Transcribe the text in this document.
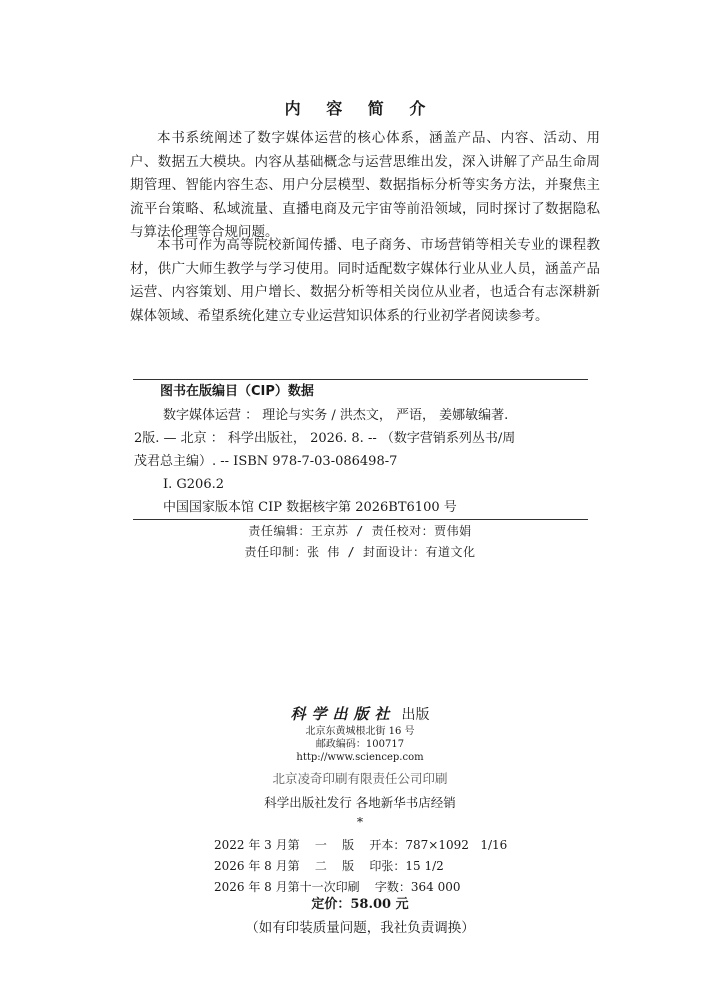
内 容 简 介

本书系统阐述了数字媒体运营的核心体系，涵盖产品、内容、活动、用户、数据五大模块。内容从基础概念与运营思维出发，深入讲解了产品生命周期管理、智能内容生态、用户分层模型、数据指标分析等实务方法，并聚焦主流平台策略、私域流量、直播电商及元宇宙等前沿领域，同时探讨了数据隐私与算法伦理等合规问题。

本书可作为高等院校新闻传播、电子商务、市场营销等相关专业的课程教材，供广大师生教学与学习使用。同时适配数字媒体行业从业人员，涵盖产品运营、内容策划、用户增长、数据分析等相关岗位从业者，也适合有志深耕新媒体领域、希望系统化建立专业运营知识体系的行业初学者阅读参考。

图书在版编目（CIP）数据
数字媒体运营 ： 理论与实务 / 洪杰文， 严语， 姜娜敏编著.
2版. — 北京 ： 科学出版社， 2026. 8. -- （数字营销系列丛书/周
茂君总主编）. -- ISBN 978-7-03-086498-7
Ⅰ. G206.2
中国国家版本馆 CIP 数据核字第 2026BT6100 号
责任编辑：王京苏 / 责任校对：贾伟娟
责任印制：张 伟 / 封面设计：有道文化
科学出版社 出版
北京东黄城根北街 16 号
邮政编码：100717
http://www.sciencep.com
北京凌奇印刷有限责任公司印刷
科学出版社发行 各地新华书店经销
*
2022 年 3 月第    一    版    开本：787×1092   1/16
2026 年 8 月第    二    版    印张：15 1/2
2026 年 8 月第十一次印刷    字数：364 000
定价：58.00 元
（如有印装质量问题，我社负责调换）
